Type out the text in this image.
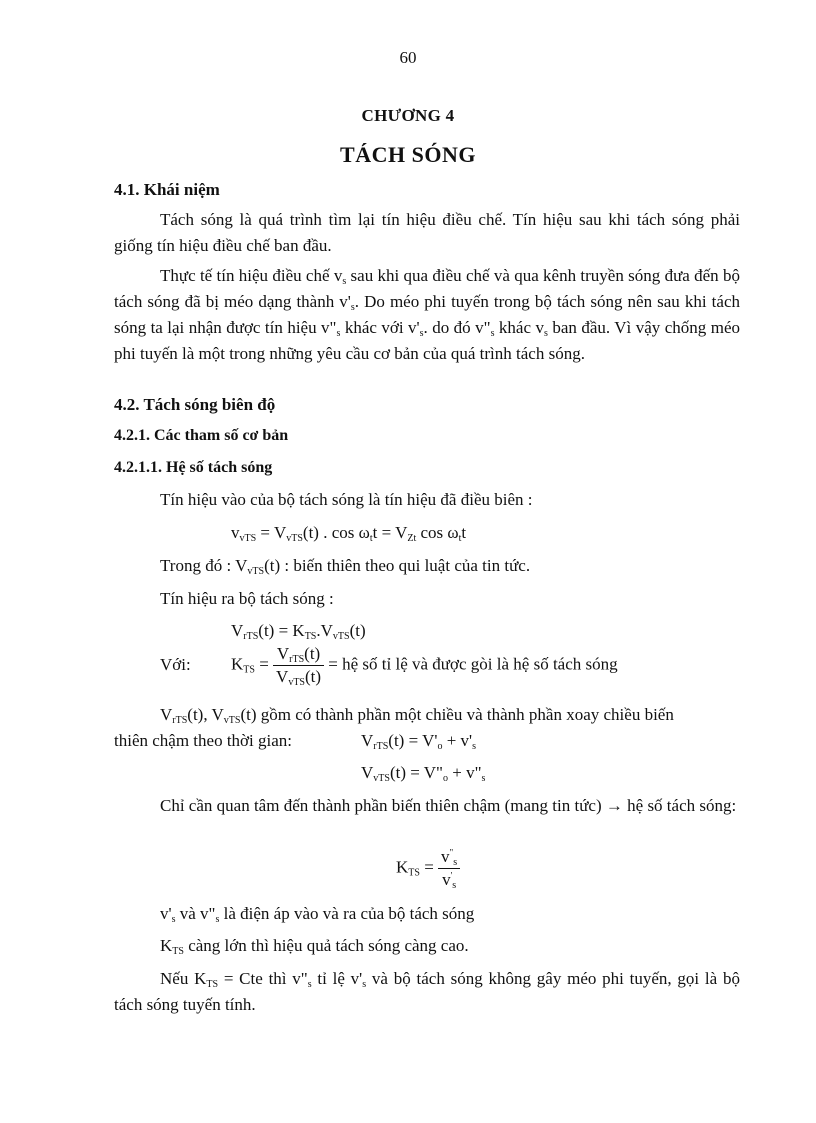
60
CHƯƠNG 4
TÁCH SÓNG
4.1. Khái niệm
Tách sóng là quá trình tìm lại tín hiệu điều chế. Tín hiệu sau khi tách sóng phải giống tín hiệu điều chế ban đầu.
Thực tế tín hiệu điều chế $v_s$ sau khi qua điều chế và qua kênh truyền sóng đưa đến bộ tách sóng đã bị méo dạng thành $v'_s$. Do méo phi tuyến trong bộ tách sóng nên sau khi tách sóng ta lại nhận được tín hiệu $v"_s$ khác với $v'_s$. do đó $v"_s$ khác $v_s$ ban đầu. Vì vậy chống méo phi tuyến là một trong những yêu cầu cơ bản của quá trình tách sóng.
4.2. Tách sóng biên độ
4.2.1. Các tham số cơ bản
4.2.1.1. Hệ số tách sóng
Tín hiệu vào của bộ tách sóng là tín hiệu đã điều biên :
$v_{vTS} = V_{vTS}(t)$ . $\cos \omega_tt = V_{Zt}$ $\cos \omega_tt$
Trong đó : $V_{vTS}(t)$ : biến thiên theo qui luật của tin tức.
Tín hiệu ra bộ tách sóng :
$V_{rTS}(t) = K_{TS}.V_{vTS}(t)$
Với: $K_{TS} = \frac{V_{rTS}(t)}{V_{vTS}(t)}$ = hệ số tỉ lệ và được gòi là hệ số tách sóng
$V_{rTS}(t)$, $V_{vTS}(t)$ gồm có thành phần một chiều và thành phần xoay chiều biến
thiên chậm theo thời gian:	$V_{rTS}(t) = V'_o + v'_s$
$V_{vTS}(t)$ = $V"_o$ + $v"_s$
Chỉ cần quan tâm đến thành phần biến thiên chậm (mang tin tức) → hệ số tách sóng:
$K_{TS} = \frac{v^"_s}{v'_s}$
$v'_s$ và $v"_s$ là điện áp vào và ra của bộ tách sóng
$K_{TS}$ càng lớn thì hiệu quả tách sóng càng cao.
Nếu $K_{TS}$ = Cte thì $v"_s$ tỉ lệ $v'_s$ và bộ tách sóng không gây méo phi tuyến, gọi là bộ tách sóng tuyến tính.
